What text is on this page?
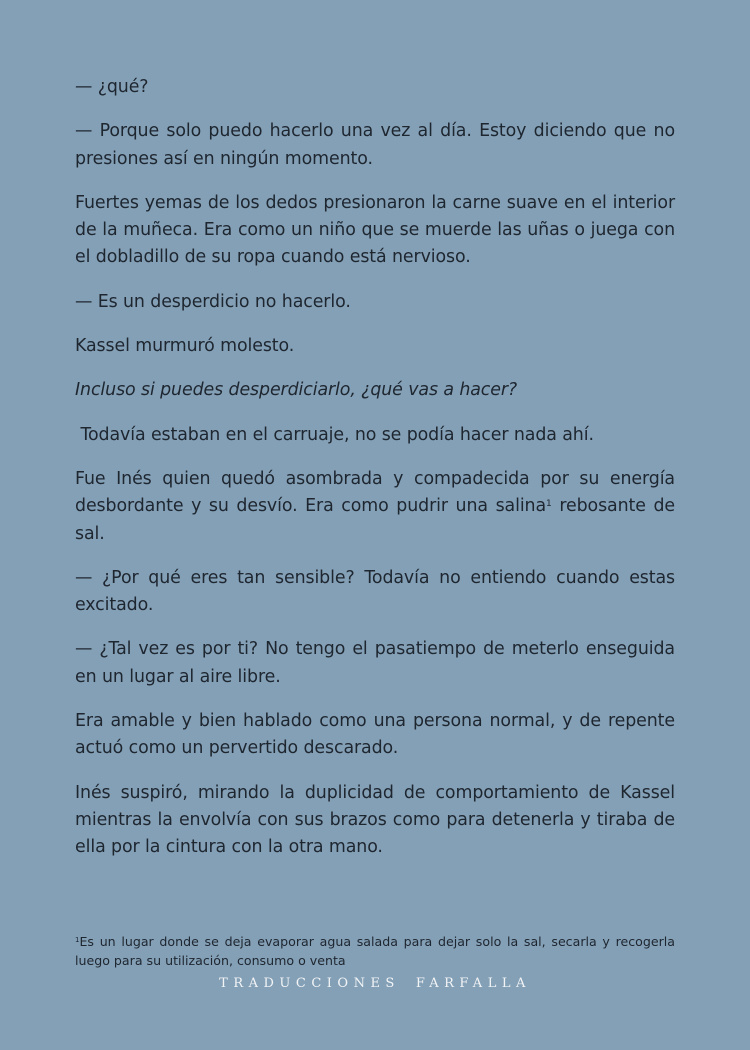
— ¿qué?

— Porque solo puedo hacerlo una vez al día. Estoy diciendo que no presiones así en ningún momento.

Fuertes yemas de los dedos presionaron la carne suave en el interior de la muñeca. Era como un niño que se muerde las uñas o juega con el dobladillo de su ropa cuando está nervioso.

— Es un desperdicio no hacerlo.

Kassel murmuró molesto.

Incluso si puedes desperdiciarlo, ¿qué vas a hacer?

Todavía estaban en el carruaje, no se podía hacer nada ahí.

Fue Inés quien quedó asombrada y compadecida por su energía desbordante y su desvío. Era como pudrir una salina$^1$ rebosante de sal.

— ¿Por qué eres tan sensible? Todavía no entiendo cuando estas excitado.

— ¿Tal vez es por ti? No tengo el pasatiempo de meterlo enseguida en un lugar al aire libre.

Era amable y bien hablado como una persona normal, y de repente actuó como un pervertido descarado.

Inés suspiró, mirando la duplicidad de comportamiento de Kassel mientras la envolvía con sus brazos como para detenerla y tiraba de ella por la cintura con la otra mano.

$^1$Es un lugar donde se deja evaporar agua salada para dejar solo la sal, secarla y recogerla luego para su utilización, consumo o venta
TRADUCCIONES FARFALLA
